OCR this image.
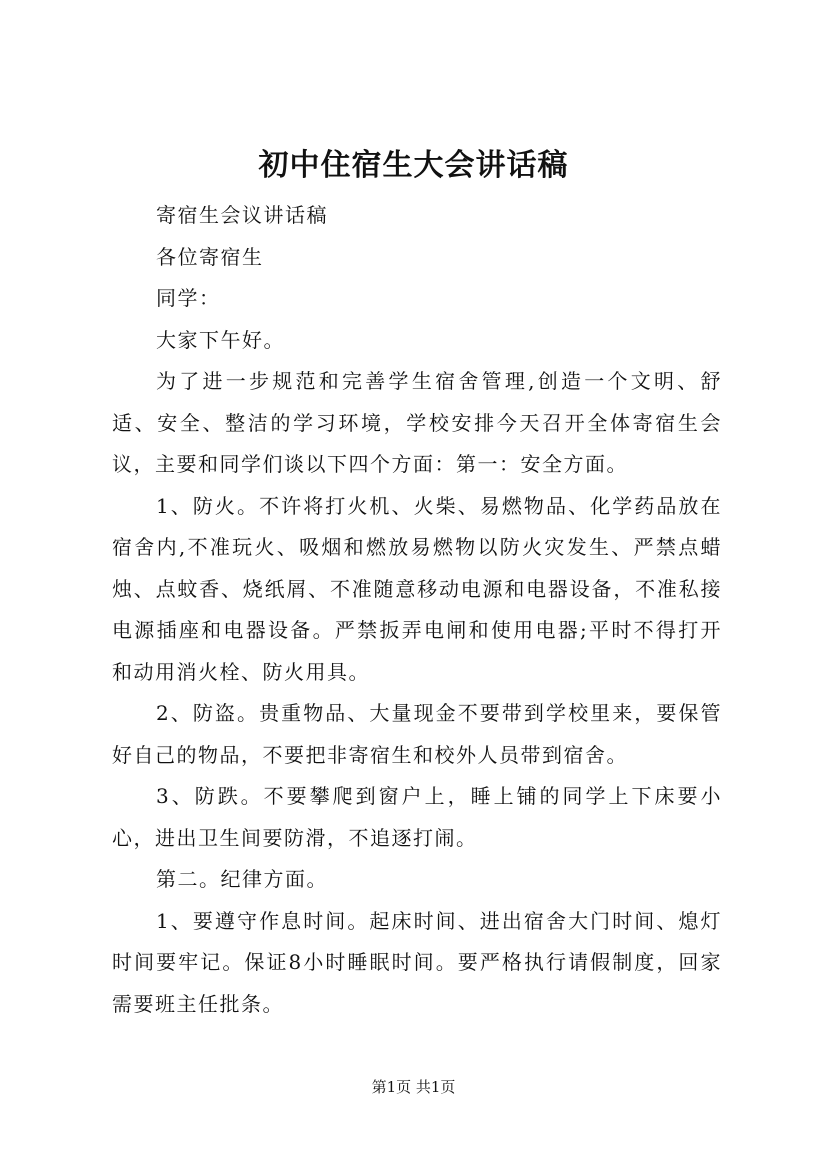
初中住宿生大会讲话稿

寄宿生会议讲话稿

各位寄宿生

同学：

大家下午好。

为了进一步规范和完善学生宿舍管理,创造一个文明、舒适、安全、整洁的学习环境，学校安排今天召开全体寄宿生会议，主要和同学们谈以下四个方面：第一：安全方面。

1、防火。不许将打火机、火柴、易燃物品、化学药品放在宿舍内,不准玩火、吸烟和燃放易燃物以防火灾发生、严禁点蜡烛、点蚊香、烧纸屑、不准随意移动电源和电器设备，不准私接电源插座和电器设备。严禁扳弄电闸和使用电器;平时不得打开和动用消火栓、防火用具。

2、防盗。贵重物品、大量现金不要带到学校里来，要保管好自己的物品，不要把非寄宿生和校外人员带到宿舍。

3、防跌。不要攀爬到窗户上，睡上铺的同学上下床要小心，进出卫生间要防滑，不追逐打闹。

第二。纪律方面。

1、要遵守作息时间。起床时间、进出宿舍大门时间、熄灯时间要牢记。保证8小时睡眠时间。要严格执行请假制度，回家需要班主任批条。

第1页 共1页
